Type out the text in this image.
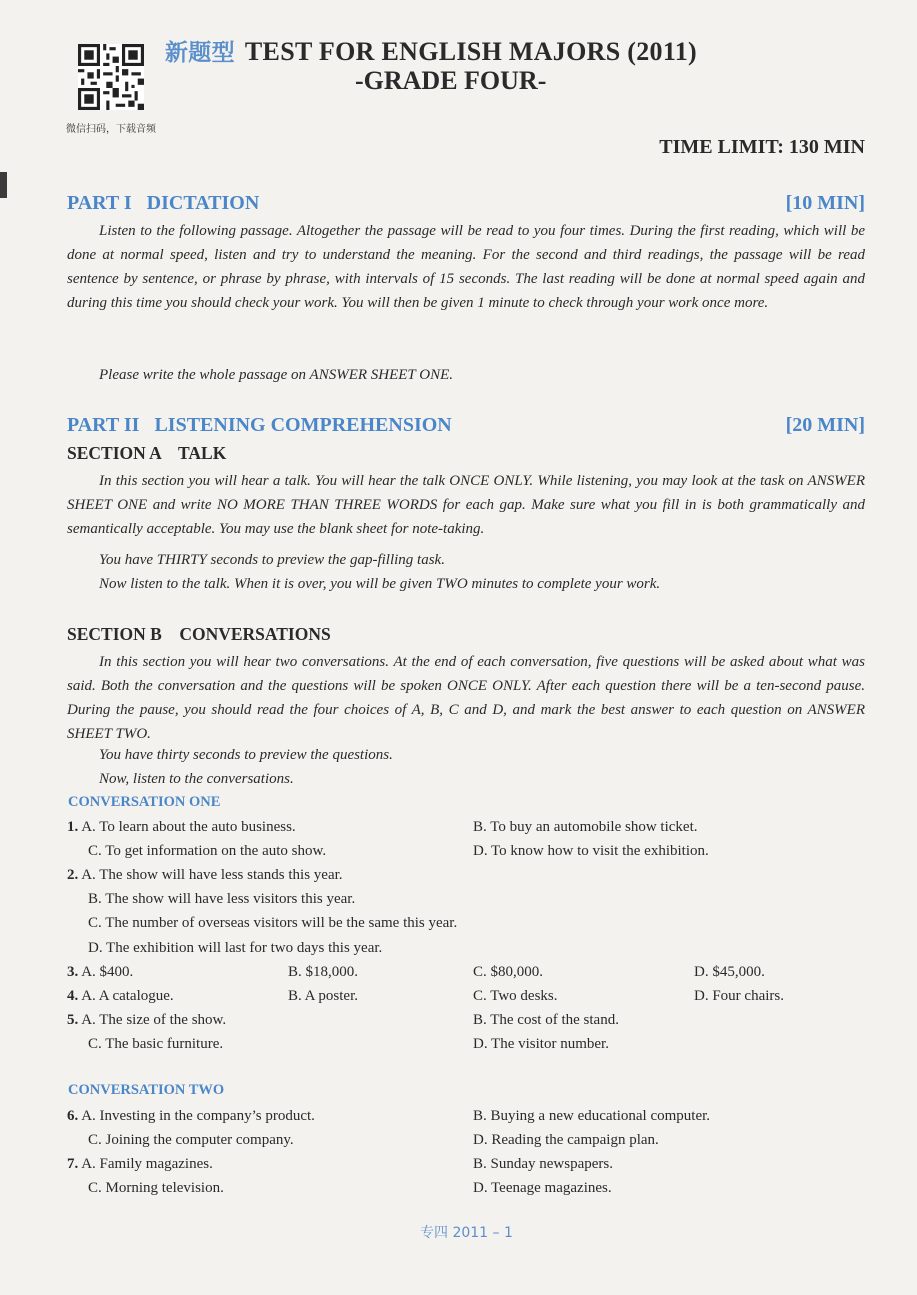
微信扫码，下载音频
新题型 TEST FOR ENGLISH MAJORS (2011)
-GRADE FOUR-
TIME LIMIT: 130 MIN
PART I   DICTATION	[10 MIN]
Listen to the following passage. Altogether the passage will be read to you four times. During the first reading, which will be done at normal speed, listen and try to understand the meaning. For the second and third readings, the passage will be read sentence by sentence, or phrase by phrase, with intervals of 15 seconds. The last reading will be done at normal speed again and during this time you should check your work. You will then be given 1 minute to check through your work once more.
Please write the whole passage on ANSWER SHEET ONE.
PART II   LISTENING COMPREHENSION	[20 MIN]
SECTION A    TALK
In this section you will hear a talk. You will hear the talk ONCE ONLY. While listening, you may look at the task on ANSWER SHEET ONE and write NO MORE THAN THREE WORDS for each gap. Make sure what you fill in is both grammatically and semantically acceptable. You may use the blank sheet for note-taking.
You have THIRTY seconds to preview the gap-filling task.
Now listen to the talk. When it is over, you will be given TWO minutes to complete your work.
SECTION B    CONVERSATIONS
In this section you will hear two conversations. At the end of each conversation, five questions will be asked about what was said. Both the conversation and the questions will be spoken ONCE ONLY. After each question there will be a ten-second pause. During the pause, you should read the four choices of A, B, C and D, and mark the best answer to each question on ANSWER SHEET TWO.
You have thirty seconds to preview the questions.
Now, listen to the conversations.
CONVERSATION ONE
1. A. To learn about the auto business.	B. To buy an automobile show ticket.
C. To get information on the auto show.	D. To know how to visit the exhibition.
2. A. The show will have less stands this year.
B. The show will have less visitors this year.
C. The number of overseas visitors will be the same this year.
D. The exhibition will last for two days this year.
3. A. $400.	B. $18,000.	C. $80,000.	D. $45,000.
4. A. A catalogue.	B. A poster.	C. Two desks.	D. Four chairs.
5. A. The size of the show.	B. The cost of the stand.
C. The basic furniture.	D. The visitor number.
CONVERSATION TWO
6. A. Investing in the company’s product.	B. Buying a new educational computer.
C. Joining the computer company.	D. Reading the campaign plan.
7. A. Family magazines.	B. Sunday newspapers.
C. Morning television.	D. Teenage magazines.
专四 2011 – 1
